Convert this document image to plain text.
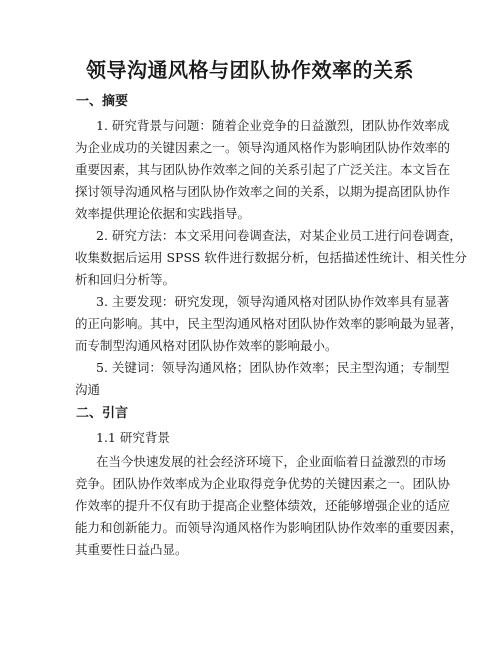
领导沟通风格与团队协作效率的关系
一、摘要
1. 研究背景与问题：随着企业竞争的日益激烈，团队协作效率成
为企业成功的关键因素之一。领导沟通风格作为影响团队协作效率的
重要因素，其与团队协作效率之间的关系引起了广泛关注。本文旨在
探讨领导沟通风格与团队协作效率之间的关系，以期为提高团队协作
效率提供理论依据和实践指导。
2. 研究方法：本文采用问卷调查法，对某企业员工进行问卷调查，
收集数据后运用 SPSS 软件进行数据分析，包括描述性统计、相关性分
析和回归分析等。
3. 主要发现：研究发现，领导沟通风格对团队协作效率具有显著
的正向影响。其中，民主型沟通风格对团队协作效率的影响最为显著，
而专制型沟通风格对团队协作效率的影响最小。
5. 关键词：领导沟通风格；团队协作效率；民主型沟通；专制型
沟通
二、引言
1.1 研究背景
在当今快速发展的社会经济环境下，企业面临着日益激烈的市场
竞争。团队协作效率成为企业取得竞争优势的关键因素之一。团队协
作效率的提升不仅有助于提高企业整体绩效，还能够增强企业的适应
能力和创新能力。而领导沟通风格作为影响团队协作效率的重要因素，
其重要性日益凸显。
